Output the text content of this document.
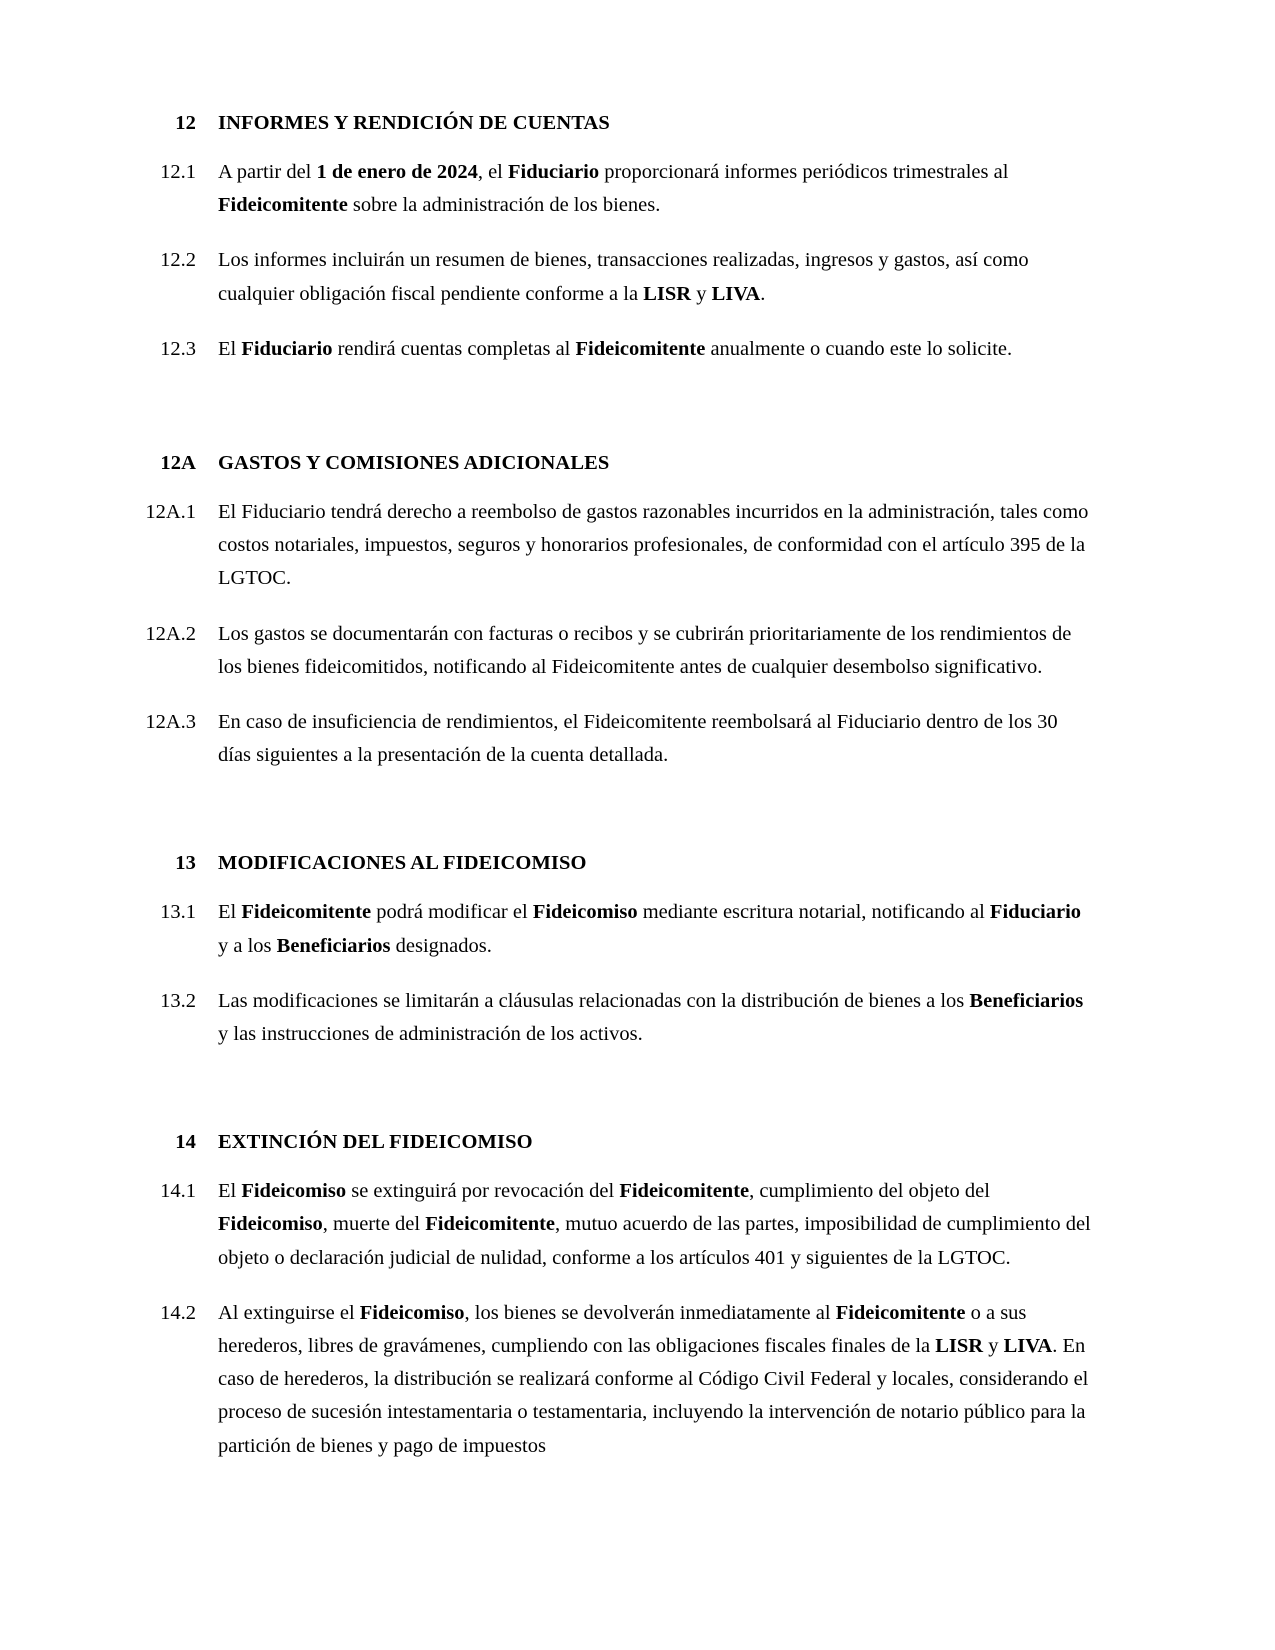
12	INFORMES Y RENDICIÓN DE CUENTAS
12.1	A partir del 1 de enero de 2024, el Fiduciario proporcionará informes periódicos trimestrales al Fideicomitente sobre la administración de los bienes.
12.2	Los informes incluirán un resumen de bienes, transacciones realizadas, ingresos y gastos, así como cualquier obligación fiscal pendiente conforme a la LISR y LIVA.
12.3	El Fiduciario rendirá cuentas completas al Fideicomitente anualmente o cuando este lo solicite.
12A	GASTOS Y COMISIONES ADICIONALES
12A.1	El Fiduciario tendrá derecho a reembolso de gastos razonables incurridos en la administración, tales como costos notariales, impuestos, seguros y honorarios profesionales, de conformidad con el artículo 395 de la LGTOC.
12A.2	Los gastos se documentarán con facturas o recibos y se cubrirán prioritariamente de los rendimientos de los bienes fideicomitidos, notificando al Fideicomitente antes de cualquier desembolso significativo.
12A.3	En caso de insuficiencia de rendimientos, el Fideicomitente reembolsará al Fiduciario dentro de los 30 días siguientes a la presentación de la cuenta detallada.
13	MODIFICACIONES AL FIDEICOMISO
13.1	El Fideicomitente podrá modificar el Fideicomiso mediante escritura notarial, notificando al Fiduciario y a los Beneficiarios designados.
13.2	Las modificaciones se limitarán a cláusulas relacionadas con la distribución de bienes a los Beneficiarios y las instrucciones de administración de los activos.
14	EXTINCIÓN DEL FIDEICOMISO
14.1	El Fideicomiso se extinguirá por revocación del Fideicomitente, cumplimiento del objeto del Fideicomiso, muerte del Fideicomitente, mutuo acuerdo de las partes, imposibilidad de cumplimiento del objeto o declaración judicial de nulidad, conforme a los artículos 401 y siguientes de la LGTOC.
14.2	Al extinguirse el Fideicomiso, los bienes se devolverán inmediatamente al Fideicomitente o a sus herederos, libres de gravámenes, cumpliendo con las obligaciones fiscales finales de la LISR y LIVA. En caso de herederos, la distribución se realizará conforme al Código Civil Federal y locales, considerando el proceso de sucesión intestamentaria o testamentaria, incluyendo la intervención de notario público para la partición de bienes y pago de impuestos
